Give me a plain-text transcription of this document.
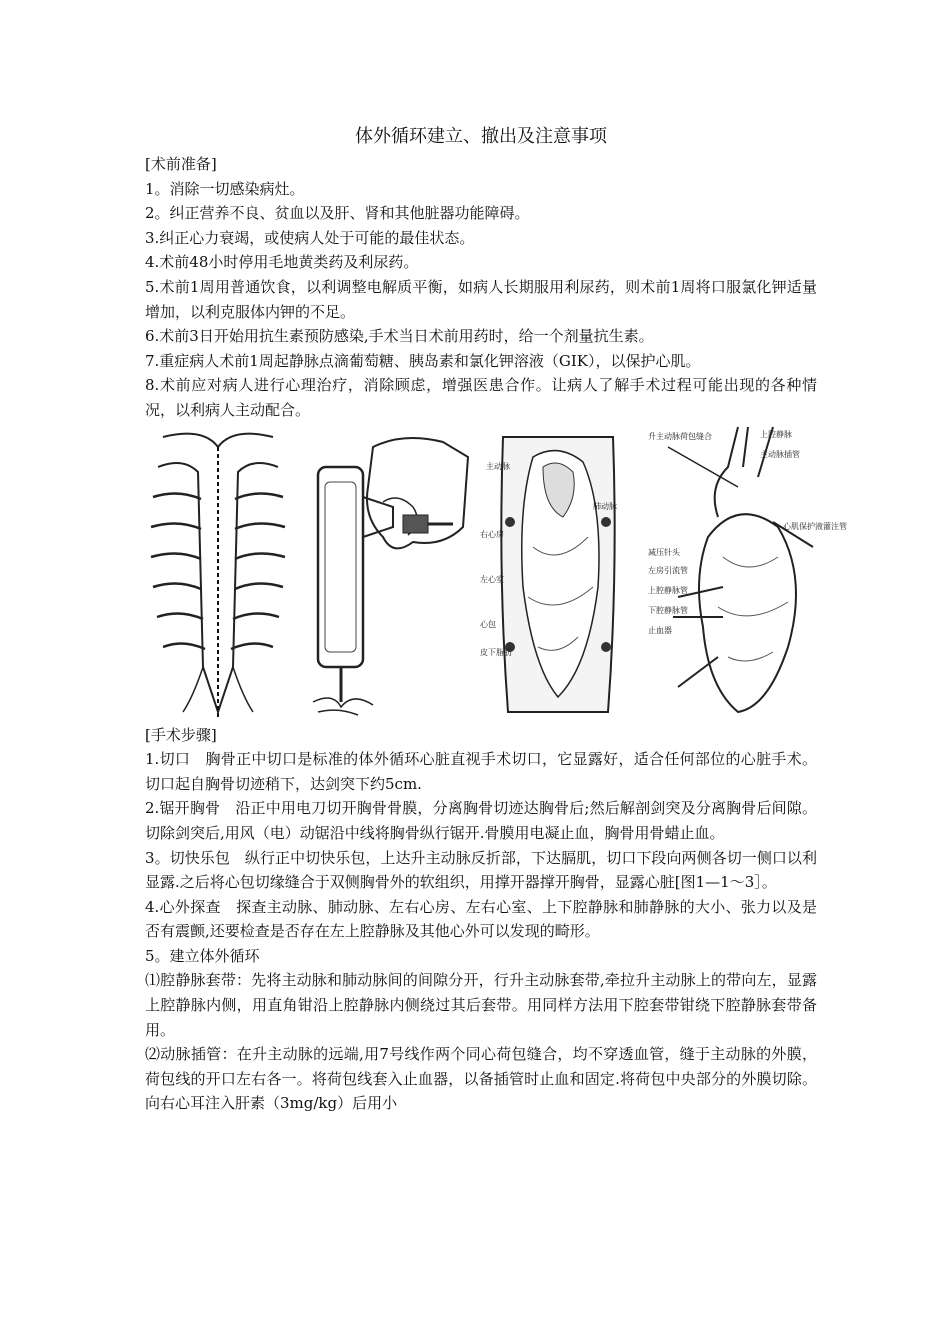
体外循环建立、撤出及注意事项

[术前准备]

1。消除一切感染病灶。

2。纠正营养不良、贫血以及肝、肾和其他脏器功能障碍。

3.纠正心力衰竭，或使病人处于可能的最佳状态。

4.术前48小时停用毛地黄类药及利尿药。

5.术前1周用普通饮食，以利调整电解质平衡，如病人长期服用利尿药，则术前1周将口服氯化钾适量增加，以利克服体内钾的不足。

6.术前3日开始用抗生素预防感染,手术当日术前用药时，给一个剂量抗生素。

7.重症病人术前1周起静脉点滴葡萄糖、胰岛素和氯化钾溶液（GIK），以保护心肌。

8.术前应对病人进行心理治疗，消除顾虑，增强医患合作。让病人了解手术过程可能出现的各种情况，以利病人主动配合。

主动脉
肺动脉
右心房
左心室
心包
皮下脂肪
升主动脉荷包缝合	上腔静脉
主动脉插管
心肌保护液灌注管
减压针头
左房引流管
上腔静脉管
下腔静脉管
止血器

[手术步骤]

1.切口　胸骨正中切口是标准的体外循环心脏直视手术切口，它显露好，适合任何部位的心脏手术。切口起自胸骨切迹稍下，达剑突下约5cm.

2.锯开胸骨　沿正中用电刀切开胸骨骨膜，分离胸骨切迹达胸骨后;然后解剖剑突及分离胸骨后间隙。切除剑突后,用风（电）动锯沿中线将胸骨纵行锯开.骨膜用电凝止血，胸骨用骨蜡止血。

3。切快乐包　纵行正中切快乐包，上达升主动脉反折部，下达膈肌，切口下段向两侧各切一侧口以利显露.之后将心包切缘缝合于双侧胸骨外的软组织，用撑开器撑开胸骨，显露心脏[图1—1～3］。

4.心外探查　探查主动脉、肺动脉、左右心房、左右心室、上下腔静脉和肺静脉的大小、张力以及是否有震颤,还要检查是否存在左上腔静脉及其他心外可以发现的畸形。

5。建立体外循环

⑴腔静脉套带：先将主动脉和肺动脉间的间隙分开，行升主动脉套带,牵拉升主动脉上的带向左，显露上腔静脉内侧，用直角钳沿上腔静脉内侧绕过其后套带。用同样方法用下腔套带钳绕下腔静脉套带备用。

⑵动脉插管：在升主动脉的远端,用7号线作两个同心荷包缝合，均不穿透血管，缝于主动脉的外膜，荷包线的开口左右各一。将荷包线套入止血器，以备插管时止血和固定.将荷包中央部分的外膜切除。向右心耳注入肝素（3mg/kg）后用小
